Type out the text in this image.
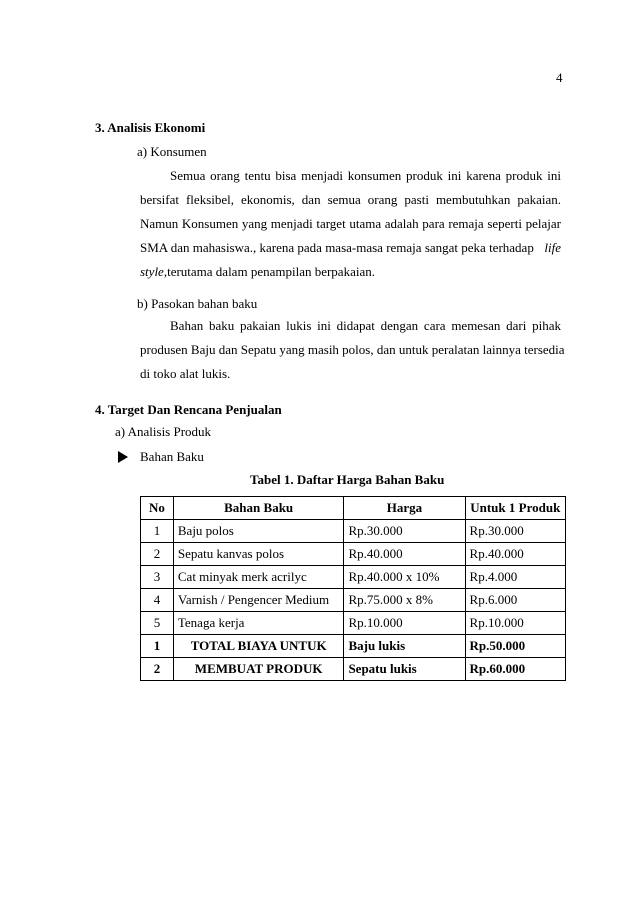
4
3. Analisis Ekonomi
a) Konsumen
Semua orang tentu bisa menjadi konsumen produk ini karena produk ini
bersifat fleksibel, ekonomis, dan semua orang pasti membutuhkan pakaian.
Namun Konsumen yang menjadi target utama adalah para remaja seperti pelajar
SMA dan mahasiswa., karena pada masa-masa remaja sangat peka terhadap life
style,terutama dalam penampilan berpakaian.
b) Pasokan bahan baku
Bahan baku pakaian lukis ini didapat dengan cara memesan dari pihak
produsen Baju dan Sepatu yang masih polos, dan untuk peralatan lainnya tersedia
di toko alat lukis.
4. Target Dan Rencana Penjualan
a) Analisis Produk
Bahan Baku
Tabel 1. Daftar Harga Bahan Baku
No	Bahan Baku	Harga	Untuk 1 Produk
1	Baju polos	Rp.30.000	Rp.30.000
2	Sepatu kanvas polos	Rp.40.000	Rp.40.000
3	Cat minyak merk acrilyc	Rp.40.000 x 10%	Rp.4.000
4	Varnish / Pengencer Medium	Rp.75.000 x 8%	Rp.6.000
5	Tenaga kerja	Rp.10.000	Rp.10.000
1	TOTAL BIAYA UNTUK	Baju lukis	Rp.50.000
2	MEMBUAT PRODUK	Sepatu lukis	Rp.60.000
